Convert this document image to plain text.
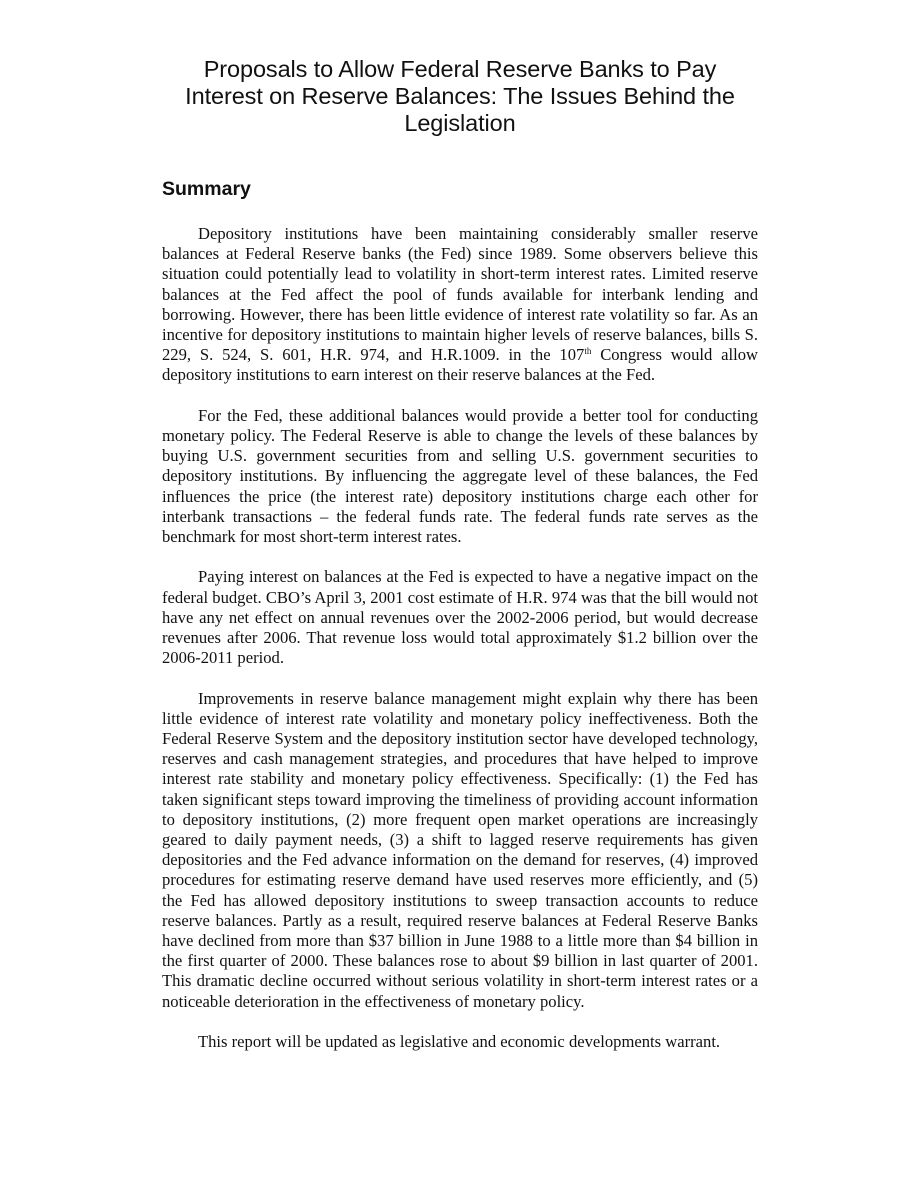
Proposals to Allow Federal Reserve Banks to Pay
Interest on Reserve Balances: The Issues Behind the
Legislation
Summary

Depository institutions have been maintaining considerably smaller reserve balances at Federal Reserve banks (the Fed) since 1989. Some observers believe this situation could potentially lead to volatility in short-term interest rates. Limited reserve balances at the Fed affect the pool of funds available for interbank lending and borrowing. However, there has been little evidence of interest rate volatility so far. As an incentive for depository institutions to maintain higher levels of reserve balances, bills S. 229, S. 524, S. 601, H.R. 974, and H.R.1009. in the 107th Congress would allow depository institutions to earn interest on their reserve balances at the Fed.

For the Fed, these additional balances would provide a better tool for conducting monetary policy. The Federal Reserve is able to change the levels of these balances by buying U.S. government securities from and selling U.S. government securities to depository institutions. By influencing the aggregate level of these balances, the Fed influences the price (the interest rate) depository institutions charge each other for interbank transactions – the federal funds rate. The federal funds rate serves as the benchmark for most short-term interest rates.

Paying interest on balances at the Fed is expected to have a negative impact on the federal budget. CBO’s April 3, 2001 cost estimate of H.R. 974 was that the bill would not have any net effect on annual revenues over the 2002-2006 period, but would decrease revenues after 2006. That revenue loss would total approximately $1.2 billion over the 2006-2011 period.

Improvements in reserve balance management might explain why there has been little evidence of interest rate volatility and monetary policy ineffectiveness. Both the Federal Reserve System and the depository institution sector have developed technology, reserves and cash management strategies, and procedures that have helped to improve interest rate stability and monetary policy effectiveness. Specifically: (1) the Fed has taken significant steps toward improving the timeliness of providing account information to depository institutions, (2) more frequent open market operations are increasingly geared to daily payment needs, (3) a shift to lagged reserve requirements has given depositories and the Fed advance information on the demand for reserves, (4) improved procedures for estimating reserve demand have used reserves more efficiently, and (5) the Fed has allowed depository institutions to sweep transaction accounts to reduce reserve balances. Partly as a result, required reserve balances at Federal Reserve Banks have declined from more than $37 billion in June 1988 to a little more than $4 billion in the first quarter of 2000. These balances rose to about $9 billion in last quarter of 2001. This dramatic decline occurred without serious volatility in short-term interest rates or a noticeable deterioration in the effectiveness of monetary policy.

This report will be updated as legislative and economic developments warrant.
